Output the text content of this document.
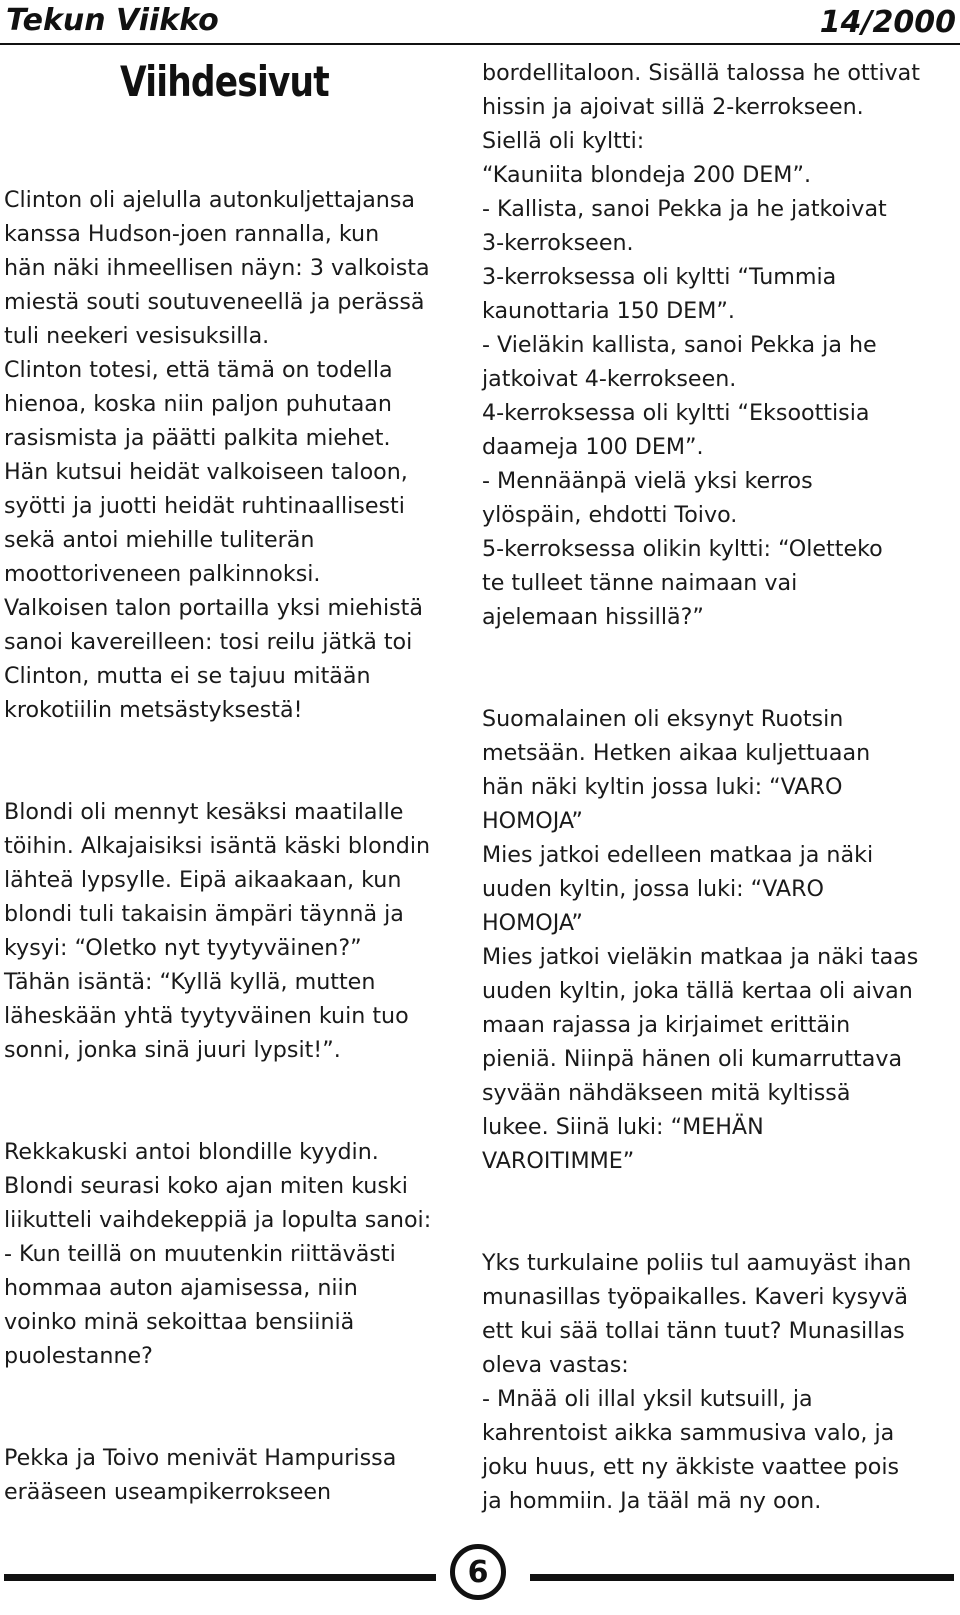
Tekun Viikko	14/2000
Viihdesivut
Clinton oli ajelulla autonkuljettajansa
kanssa Hudson-joen rannalla, kun
hän näki ihmeellisen näyn: 3 valkoista
miestä souti soutuveneellä ja perässä
tuli neekeri vesisuksilla.
Clinton totesi, että tämä on todella
hienoa, koska niin paljon puhutaan
rasismista ja päätti palkita miehet.
Hän kutsui heidät valkoiseen taloon,
syötti ja juotti heidät ruhtinaallisesti
sekä antoi miehille tuliterän
moottoriveneen palkinnoksi.
Valkoisen talon portailla yksi miehistä
sanoi kavereilleen: tosi reilu jätkä toi
Clinton, mutta ei se tajuu mitään
krokotiilin metsästyksestä!
Blondi oli mennyt kesäksi maatilalle
töihin. Alkajaisiksi isäntä käski blondin
lähteä lypsylle. Eipä aikaakaan, kun
blondi tuli takaisin ämpäri täynnä ja
kysyi: “Oletko nyt tyytyväinen?”
Tähän isäntä: “Kyllä kyllä, mutten
läheskään yhtä tyytyväinen kuin tuo
sonni, jonka sinä juuri lypsit!”.
Rekkakuski antoi blondille kyydin.
Blondi seurasi koko ajan miten kuski
liikutteli vaihdekeppiä ja lopulta sanoi:
- Kun teillä on muutenkin riittävästi
hommaa auton ajamisessa, niin
voinko minä sekoittaa bensiiniä
puolestanne?
Pekka ja Toivo menivät Hampurissa
erääseen useampikerrokseen
bordellitaloon. Sisällä talossa he ottivat
hissin ja ajoivat sillä 2-kerrokseen.
Siellä oli kyltti:
“Kauniita blondeja 200 DEM”.
- Kallista, sanoi Pekka ja he jatkoivat
3-kerrokseen.
3-kerroksessa oli kyltti “Tummia
kaunottaria 150 DEM”.
- Vieläkin kallista, sanoi Pekka ja he
jatkoivat 4-kerrokseen.
4-kerroksessa oli kyltti “Eksoottisia
daameja 100 DEM”.
- Mennäänpä vielä yksi kerros
ylöspäin, ehdotti Toivo.
5-kerroksessa olikin kyltti: “Oletteko
te tulleet tänne naimaan vai
ajelemaan hissillä?”
Suomalainen oli eksynyt Ruotsin
metsään. Hetken aikaa kuljettuaan
hän näki kyltin jossa luki: “VARO
HOMOJA”
Mies jatkoi edelleen matkaa ja näki
uuden kyltin, jossa luki: “VARO
HOMOJA”
Mies jatkoi vieläkin matkaa ja näki taas
uuden kyltin, joka tällä kertaa oli aivan
maan rajassa ja kirjaimet erittäin
pieniä. Niinpä hänen oli kumarruttava
syvään nähdäkseen mitä kyltissä
lukee. Siinä luki: “MEHÄN
VAROITIMME”
Yks turkulaine poliis tul aamuyäst ihan
munasillas työpaikalles. Kaveri kysyvä
ett kui sää tollai tänn tuut? Munasillas
oleva vastas:
- Mnää oli illal yksil kutsuill, ja
kahrentoist aikka sammusiva valo, ja
joku huus, ett ny äkkiste vaattee pois
ja hommiin. Ja tääl mä ny oon.
6
